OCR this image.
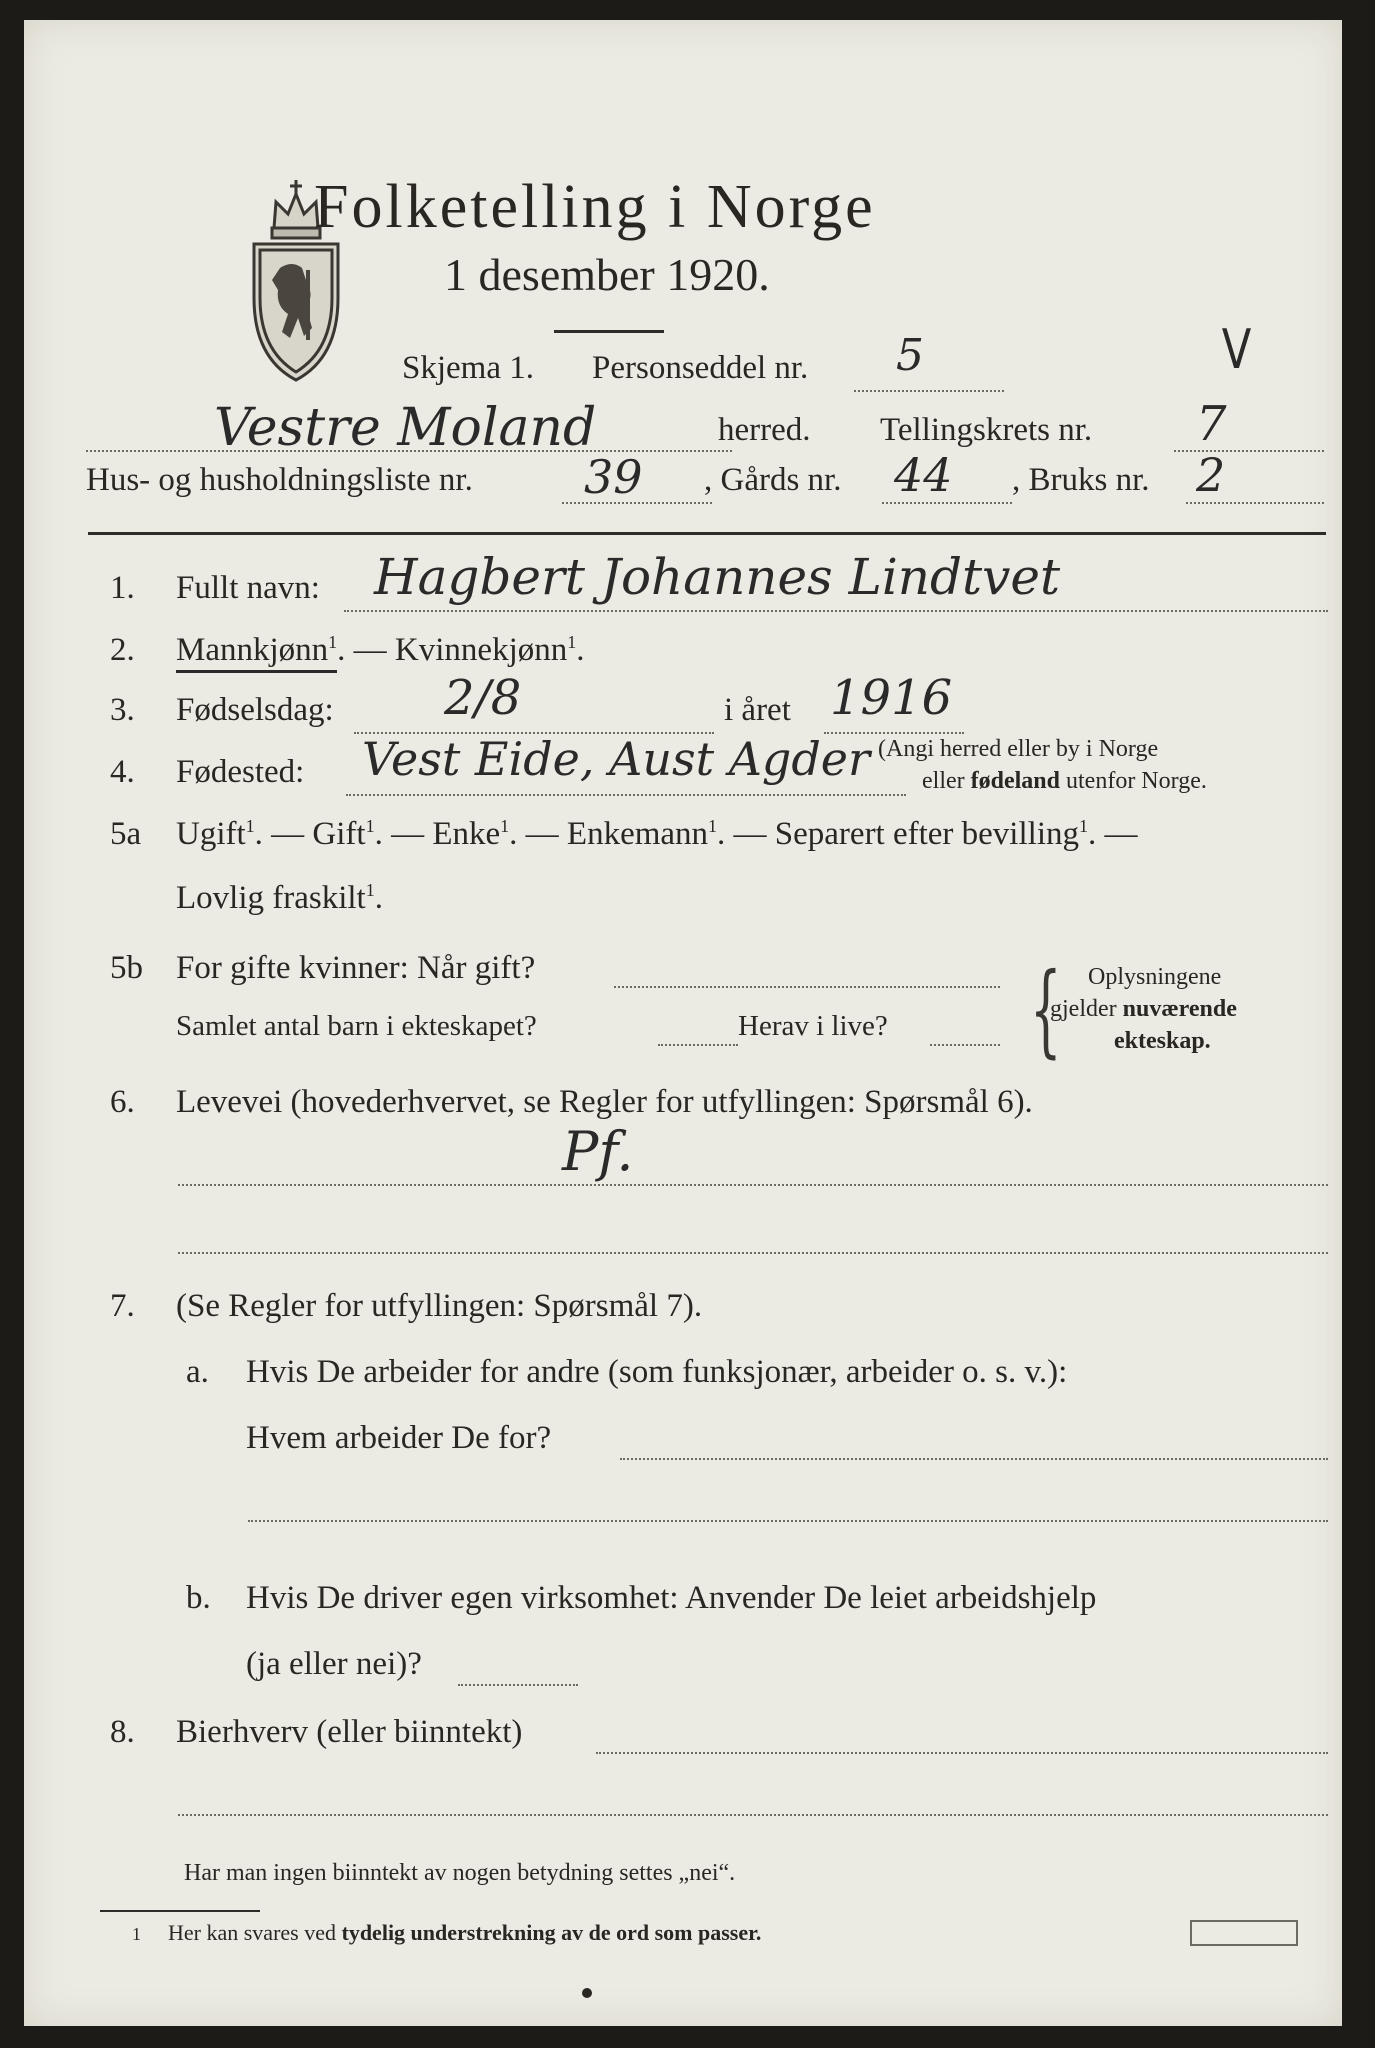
Folketelling i Norge
1 desember 1920.
Skjema 1. Personseddel nr. 5	V
Vestre Moland	herred. Tellingskrets nr. 7
Hus- og husholdningsliste nr. 39 , Gårds nr. 44 , Bruks nr. 2
1. Fullt navn: Hagbert Johannes Lindtvet
2. Mannkjønn$^1$. — Kvinnekjønn$^1$.
3. Fødselsdag: 2/8	i året 1916
4. Fødested: Vest Eide, Aust Agder (Angi herred eller by i Norge
eller fødeland utenfor Norge.
5a Ugift$^1$. — Gift$^1$. — Enke$^1$. — Enkemann$^1$. — Separert efter bevilling$^1$. —
Lovlig fraskilt$^1$.
5b For gifte kvinner: Når gift?
Samlet antal barn i ekteskapet?	Herav i live? { Oplysningene
gjelder nuværende
ekteskap.
6. Levevei (hovederhvervet, se Regler for utfyllingen: Spørsmål 6).
Pf.
7. (Se Regler for utfyllingen: Spørsmål 7).
a. Hvis De arbeider for andre (som funksjonær, arbeider o. s. v.):
Hvem arbeider De for?
b. Hvis De driver egen virksomhet: Anvender De leiet arbeidshjelp
(ja eller nei)?
8. Bierhverv (eller biinntekt)
Har man ingen biinntekt av nogen betydning settes „nei“.
1 Her kan svares ved tydelig understrekning av de ord som passer.
